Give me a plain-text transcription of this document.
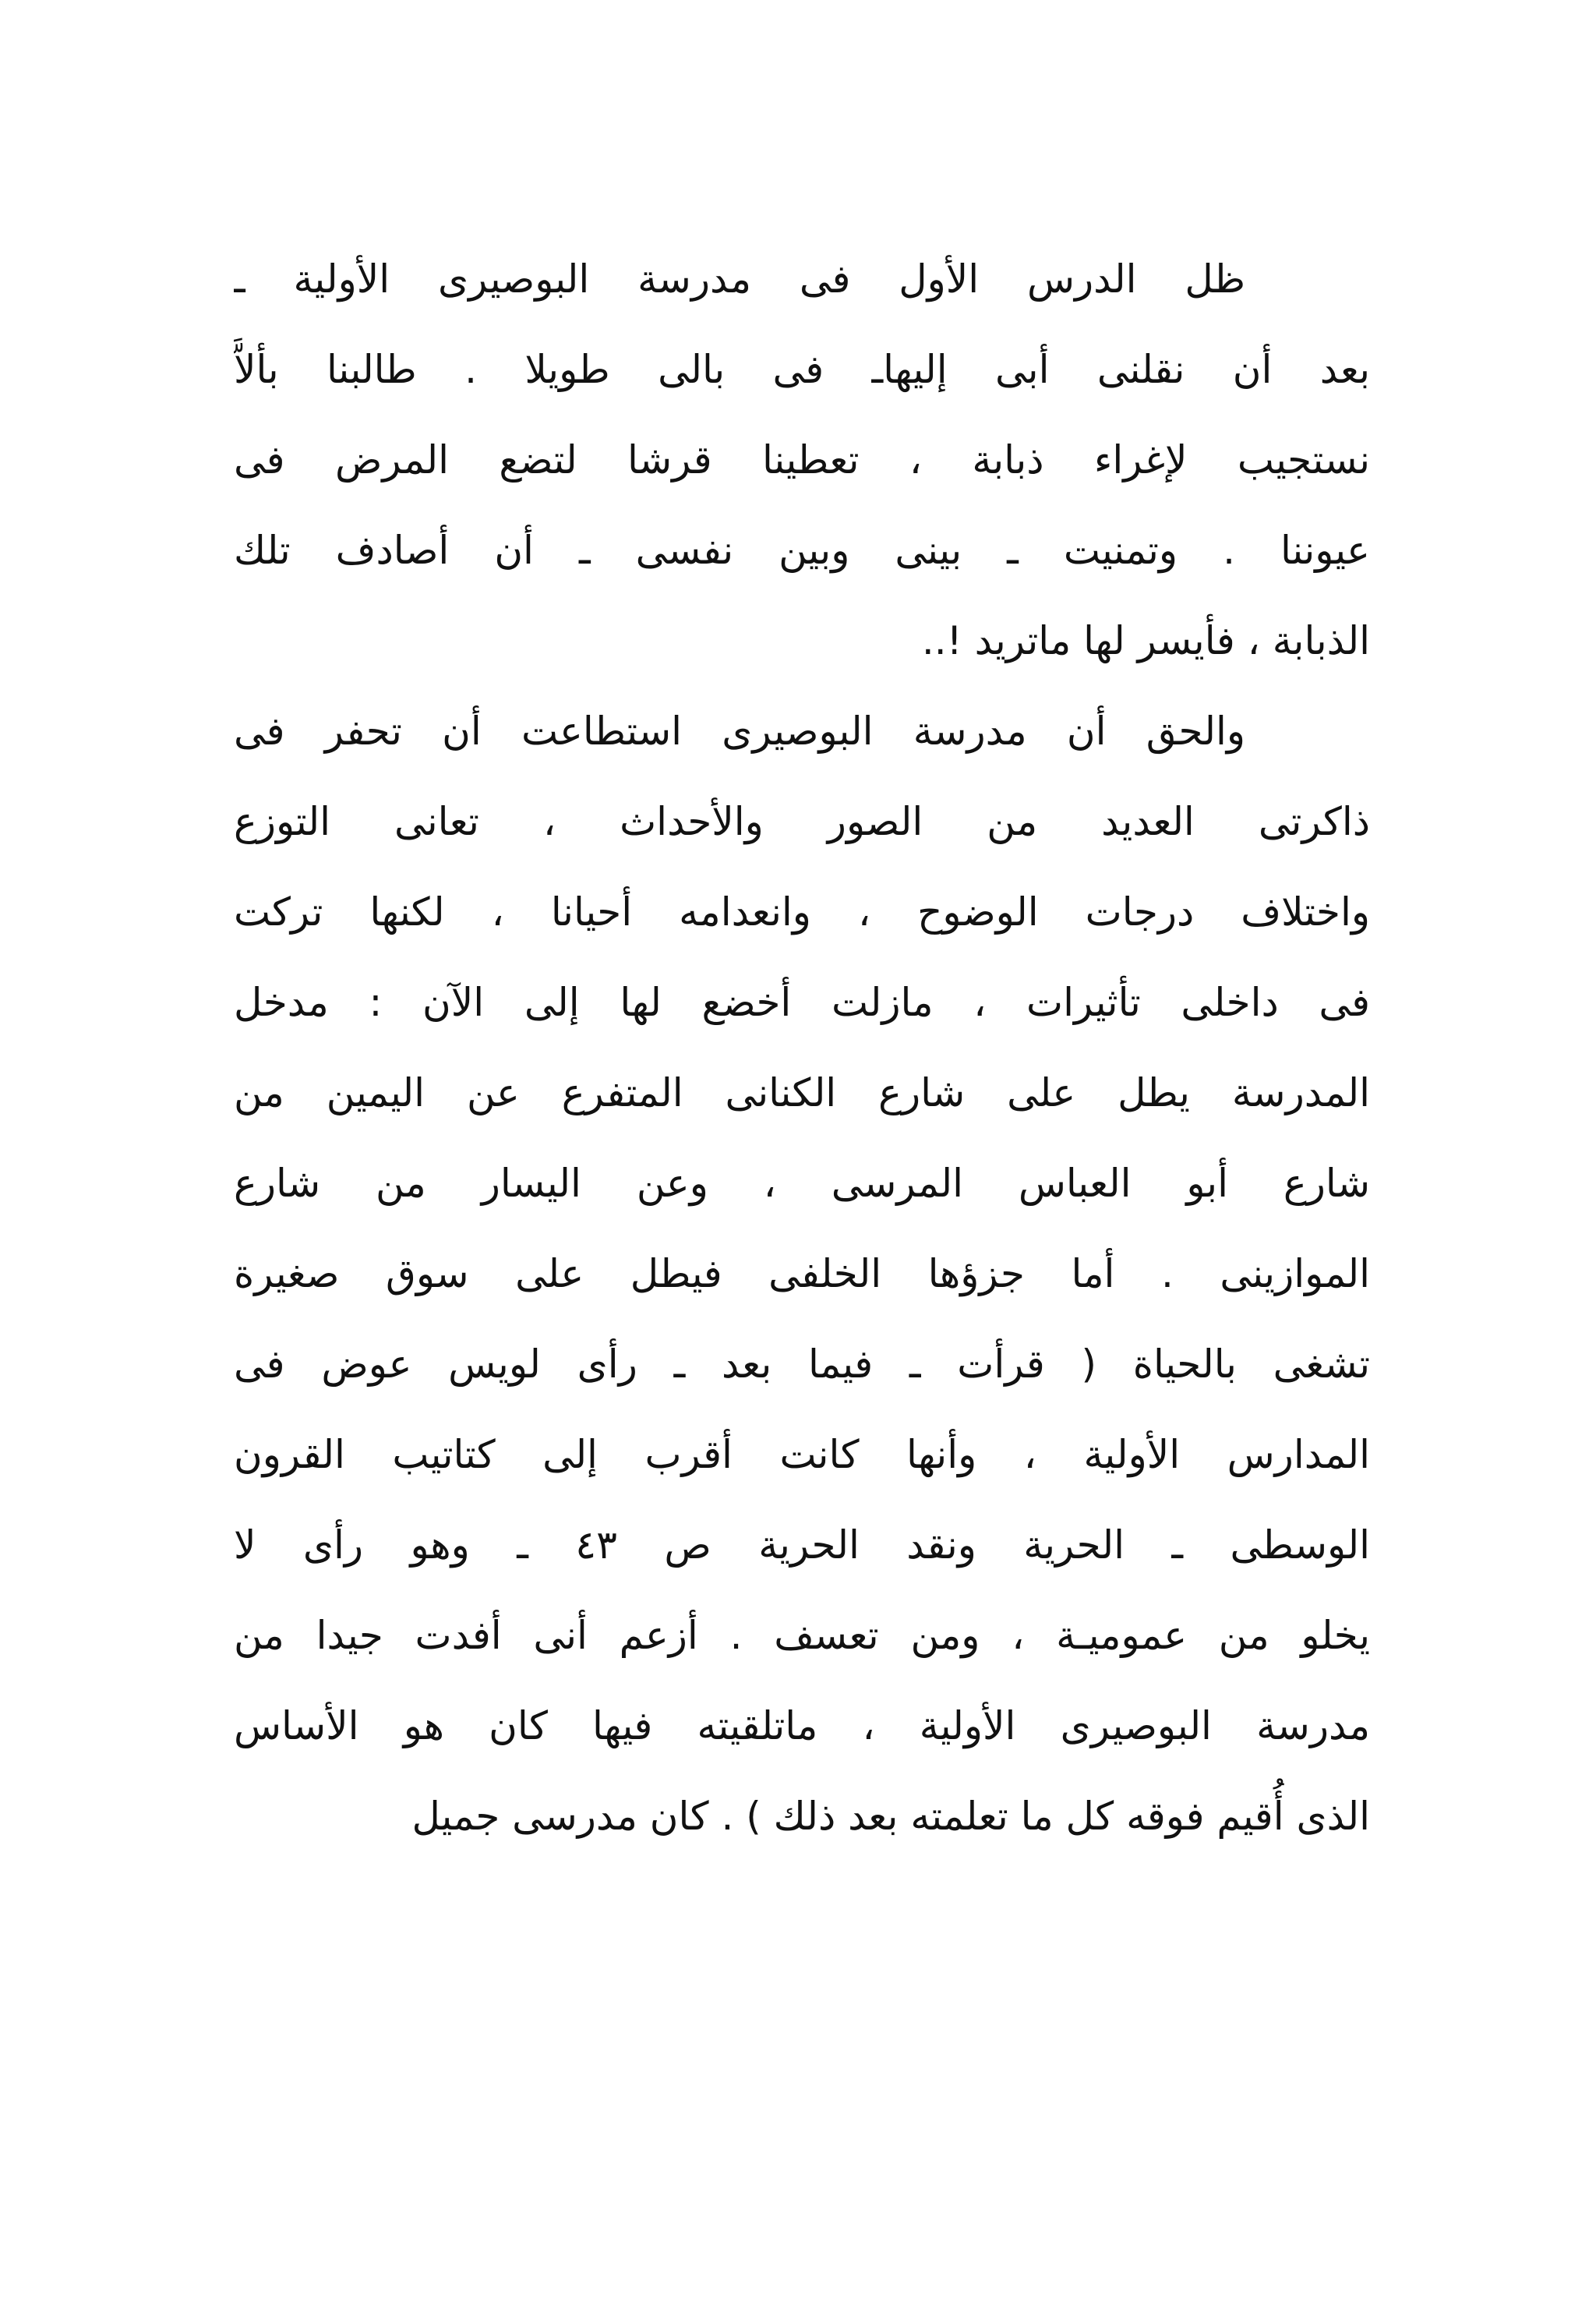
ظل الدرس الأول فى مدرسة البوصيرى الأولية ـ
بعد أن نقلنى أبى إليهاـ فى بالى طويلا . طالبنا بألاَّ
نستجيب لإغراء ذبابة ، تعطينا قرشا لتضع المرض فى
عيوننا . وتمنيت ـ بينى وبين نفسى ـ أن أصادف تلك
الذبابة ، فأيسر لها ماتريد !..
والحق أن مدرسة البوصيرى استطاعت أن تحفر فى
ذاكرتى العديد من الصور والأحداث ، تعانى التوزع
واختلاف درجات الوضوح ، وانعدامه أحيانا ، لكنها تركت
فى داخلى تأثيرات ، مازلت أخضع لها إلى الآن : مدخل
المدرسة يطل على شارع الكنانى المتفرع عن اليمين من
شارع أبو العباس المرسى ، وعن اليسار من شارع
الموازينى . أما جزؤها الخلفى فيطل على سوق صغيرة
تشغى بالحياة ( قرأت ـ فيما بعد ـ رأى لويس عوض فى
المدارس الأولية ، وأنها كانت أقرب إلى كتاتيب القرون
الوسطى ـ الحرية ونقد الحرية ص ٤٣ ـ وهو رأى لا
يخلو من عموميـة ، ومن تعسف . أزعم أنى أفدت جيدا من
مدرسة البوصيرى الأولية ، ماتلقيته فيها كان هو الأساس
الذى أُقيم فوقه كل ما تعلمته بعد ذلك ) . كان مدرسى جميل
